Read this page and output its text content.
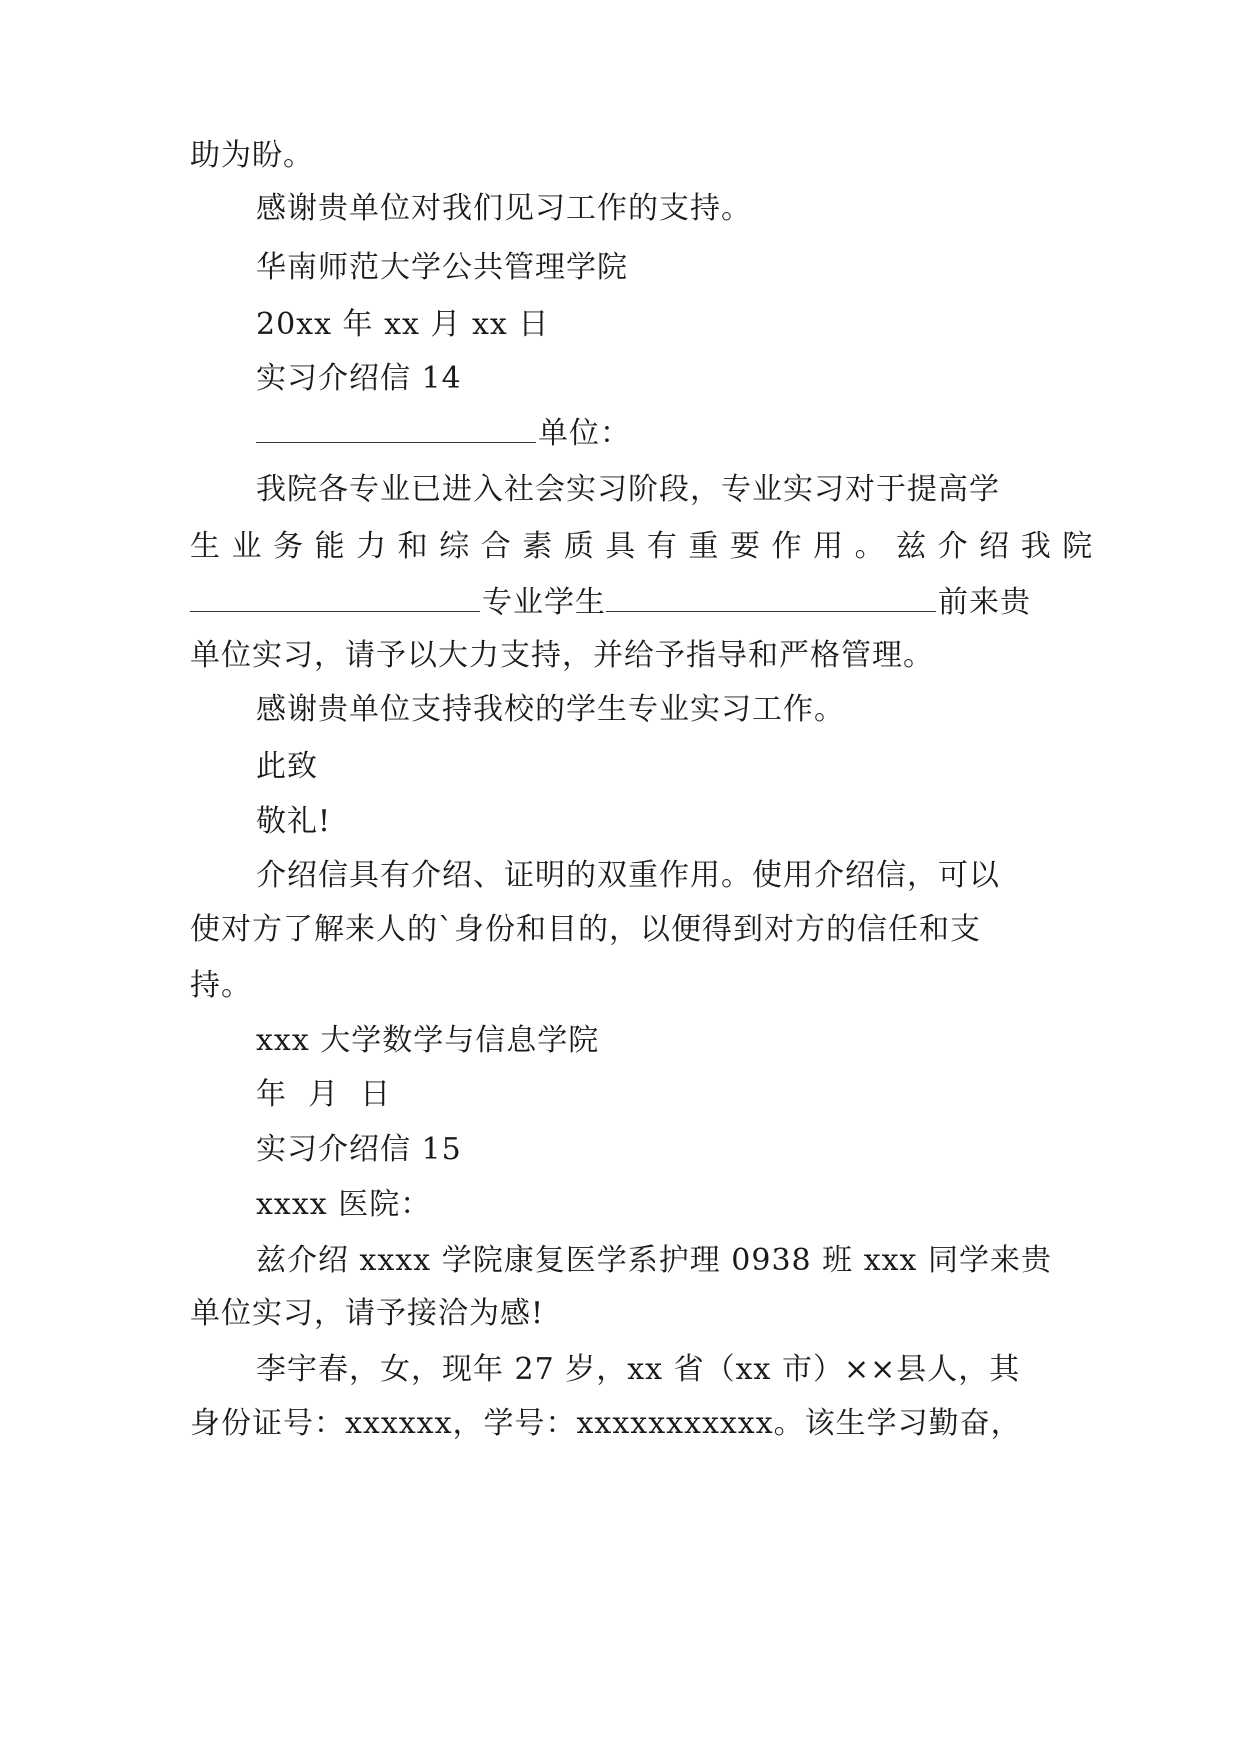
助为盼。
感谢贵单位对我们见习工作的支持。
华南师范大学公共管理学院
20xx 年 xx 月 xx 日
实习介绍信 14
单位：
我院各专业已进入社会实习阶段，专业实习对于提高学
生 业 务 能 力 和 综 合 素 质 具 有 重 要 作 用 。 兹 介 绍 我 院
专业学生	前来贵
单位实习，请予以大力支持，并给予指导和严格管理。
感谢贵单位支持我校的学生专业实习工作。
此致
敬礼!
介绍信具有介绍、证明的双重作用。使用介绍信，可以
使对方了解来人的`身份和目的，以便得到对方的信任和支
持。
xxx 大学数学与信息学院
年  月  日
实习介绍信 15
xxxx 医院：
兹介绍 xxxx 学院康复医学系护理 0938 班 xxx 同学来贵
单位实习，请予接洽为感!
李宇春，女，现年 27 岁，xx 省（xx 市）××县人，其
身份证号：xxxxxx，学号：xxxxxxxxxxx。该生学习勤奋，
